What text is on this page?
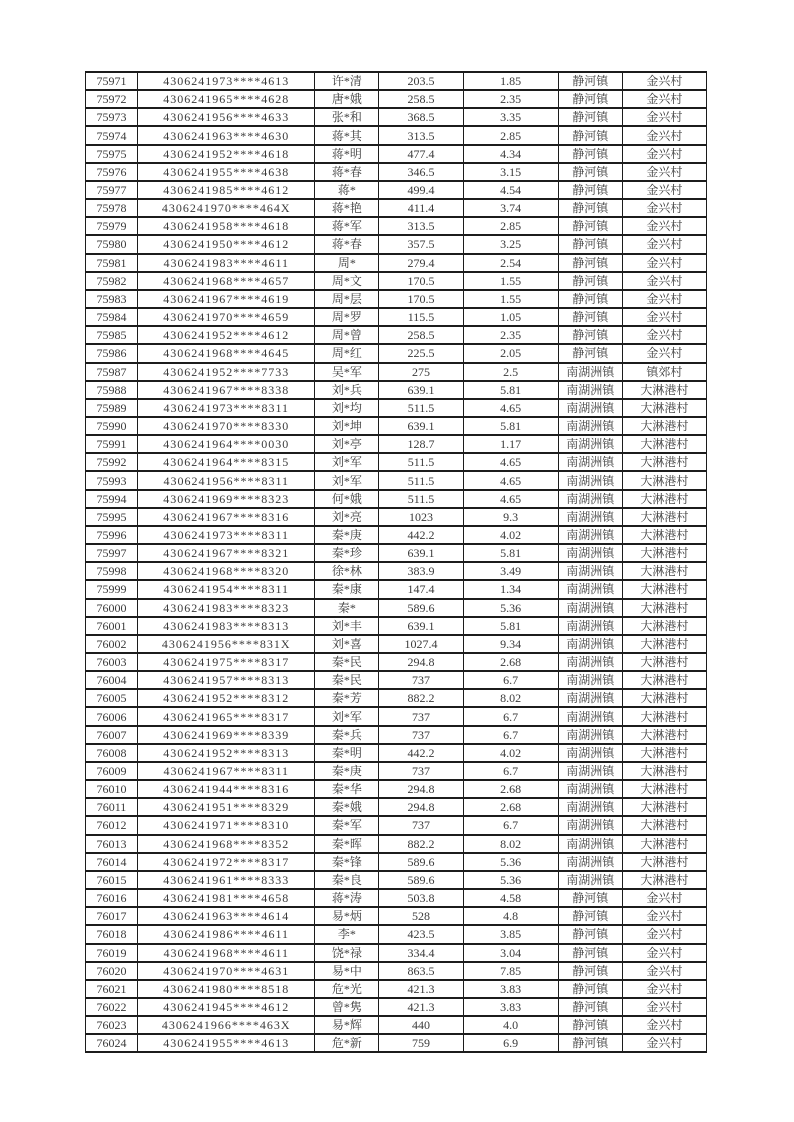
75971	4306241973****4613	许*清	203.5	1.85	静河镇	金兴村
75972	4306241965****4628	唐*娥	258.5	2.35	静河镇	金兴村
75973	4306241956****4633	张*和	368.5	3.35	静河镇	金兴村
75974	4306241963****4630	蒋*其	313.5	2.85	静河镇	金兴村
75975	4306241952****4618	蒋*明	477.4	4.34	静河镇	金兴村
75976	4306241955****4638	蒋*春	346.5	3.15	静河镇	金兴村
75977	4306241985****4612	蒋*	499.4	4.54	静河镇	金兴村
75978	4306241970****464X	蒋*艳	411.4	3.74	静河镇	金兴村
75979	4306241958****4618	蒋*军	313.5	2.85	静河镇	金兴村
75980	4306241950****4612	蒋*春	357.5	3.25	静河镇	金兴村
75981	4306241983****4611	周*	279.4	2.54	静河镇	金兴村
75982	4306241968****4657	周*文	170.5	1.55	静河镇	金兴村
75983	4306241967****4619	周*层	170.5	1.55	静河镇	金兴村
75984	4306241970****4659	周*罗	115.5	1.05	静河镇	金兴村
75985	4306241952****4612	周*曾	258.5	2.35	静河镇	金兴村
75986	4306241968****4645	周*红	225.5	2.05	静河镇	金兴村
75987	4306241952****7733	吴*军	275	2.5	南湖洲镇	镇郊村
75988	4306241967****8338	刘*兵	639.1	5.81	南湖洲镇	大淋港村
75989	4306241973****8311	刘*均	511.5	4.65	南湖洲镇	大淋港村
75990	4306241970****8330	刘*坤	639.1	5.81	南湖洲镇	大淋港村
75991	4306241964****0030	刘*亭	128.7	1.17	南湖洲镇	大淋港村
75992	4306241964****8315	刘*军	511.5	4.65	南湖洲镇	大淋港村
75993	4306241956****8311	刘*军	511.5	4.65	南湖洲镇	大淋港村
75994	4306241969****8323	何*娥	511.5	4.65	南湖洲镇	大淋港村
75995	4306241967****8316	刘*亮	1023	9.3	南湖洲镇	大淋港村
75996	4306241973****8311	秦*庚	442.2	4.02	南湖洲镇	大淋港村
75997	4306241967****8321	秦*珍	639.1	5.81	南湖洲镇	大淋港村
75998	4306241968****8320	徐*林	383.9	3.49	南湖洲镇	大淋港村
75999	4306241954****8311	秦*康	147.4	1.34	南湖洲镇	大淋港村
76000	4306241983****8323	秦*	589.6	5.36	南湖洲镇	大淋港村
76001	4306241983****8313	刘*丰	639.1	5.81	南湖洲镇	大淋港村
76002	4306241956****831X	刘*喜	1027.4	9.34	南湖洲镇	大淋港村
76003	4306241975****8317	秦*民	294.8	2.68	南湖洲镇	大淋港村
76004	4306241957****8313	秦*民	737	6.7	南湖洲镇	大淋港村
76005	4306241952****8312	秦*芳	882.2	8.02	南湖洲镇	大淋港村
76006	4306241965****8317	刘*军	737	6.7	南湖洲镇	大淋港村
76007	4306241969****8339	秦*兵	737	6.7	南湖洲镇	大淋港村
76008	4306241952****8313	秦*明	442.2	4.02	南湖洲镇	大淋港村
76009	4306241967****8311	秦*庚	737	6.7	南湖洲镇	大淋港村
76010	4306241944****8316	秦*华	294.8	2.68	南湖洲镇	大淋港村
76011	4306241951****8329	秦*娥	294.8	2.68	南湖洲镇	大淋港村
76012	4306241971****8310	秦*军	737	6.7	南湖洲镇	大淋港村
76013	4306241968****8352	秦*晖	882.2	8.02	南湖洲镇	大淋港村
76014	4306241972****8317	秦*锋	589.6	5.36	南湖洲镇	大淋港村
76015	4306241961****8333	秦*良	589.6	5.36	南湖洲镇	大淋港村
76016	4306241981****4658	蒋*涛	503.8	4.58	静河镇	金兴村
76017	4306241963****4614	易*炳	528	4.8	静河镇	金兴村
76018	4306241986****4611	李*	423.5	3.85	静河镇	金兴村
76019	4306241968****4611	饶*禄	334.4	3.04	静河镇	金兴村
76020	4306241970****4631	易*中	863.5	7.85	静河镇	金兴村
76021	4306241980****8518	危*光	421.3	3.83	静河镇	金兴村
76022	4306241945****4612	曾*隽	421.3	3.83	静河镇	金兴村
76023	4306241966****463X	易*辉	440	4.0	静河镇	金兴村
76024	4306241955****4613	危*新	759	6.9	静河镇	金兴村
